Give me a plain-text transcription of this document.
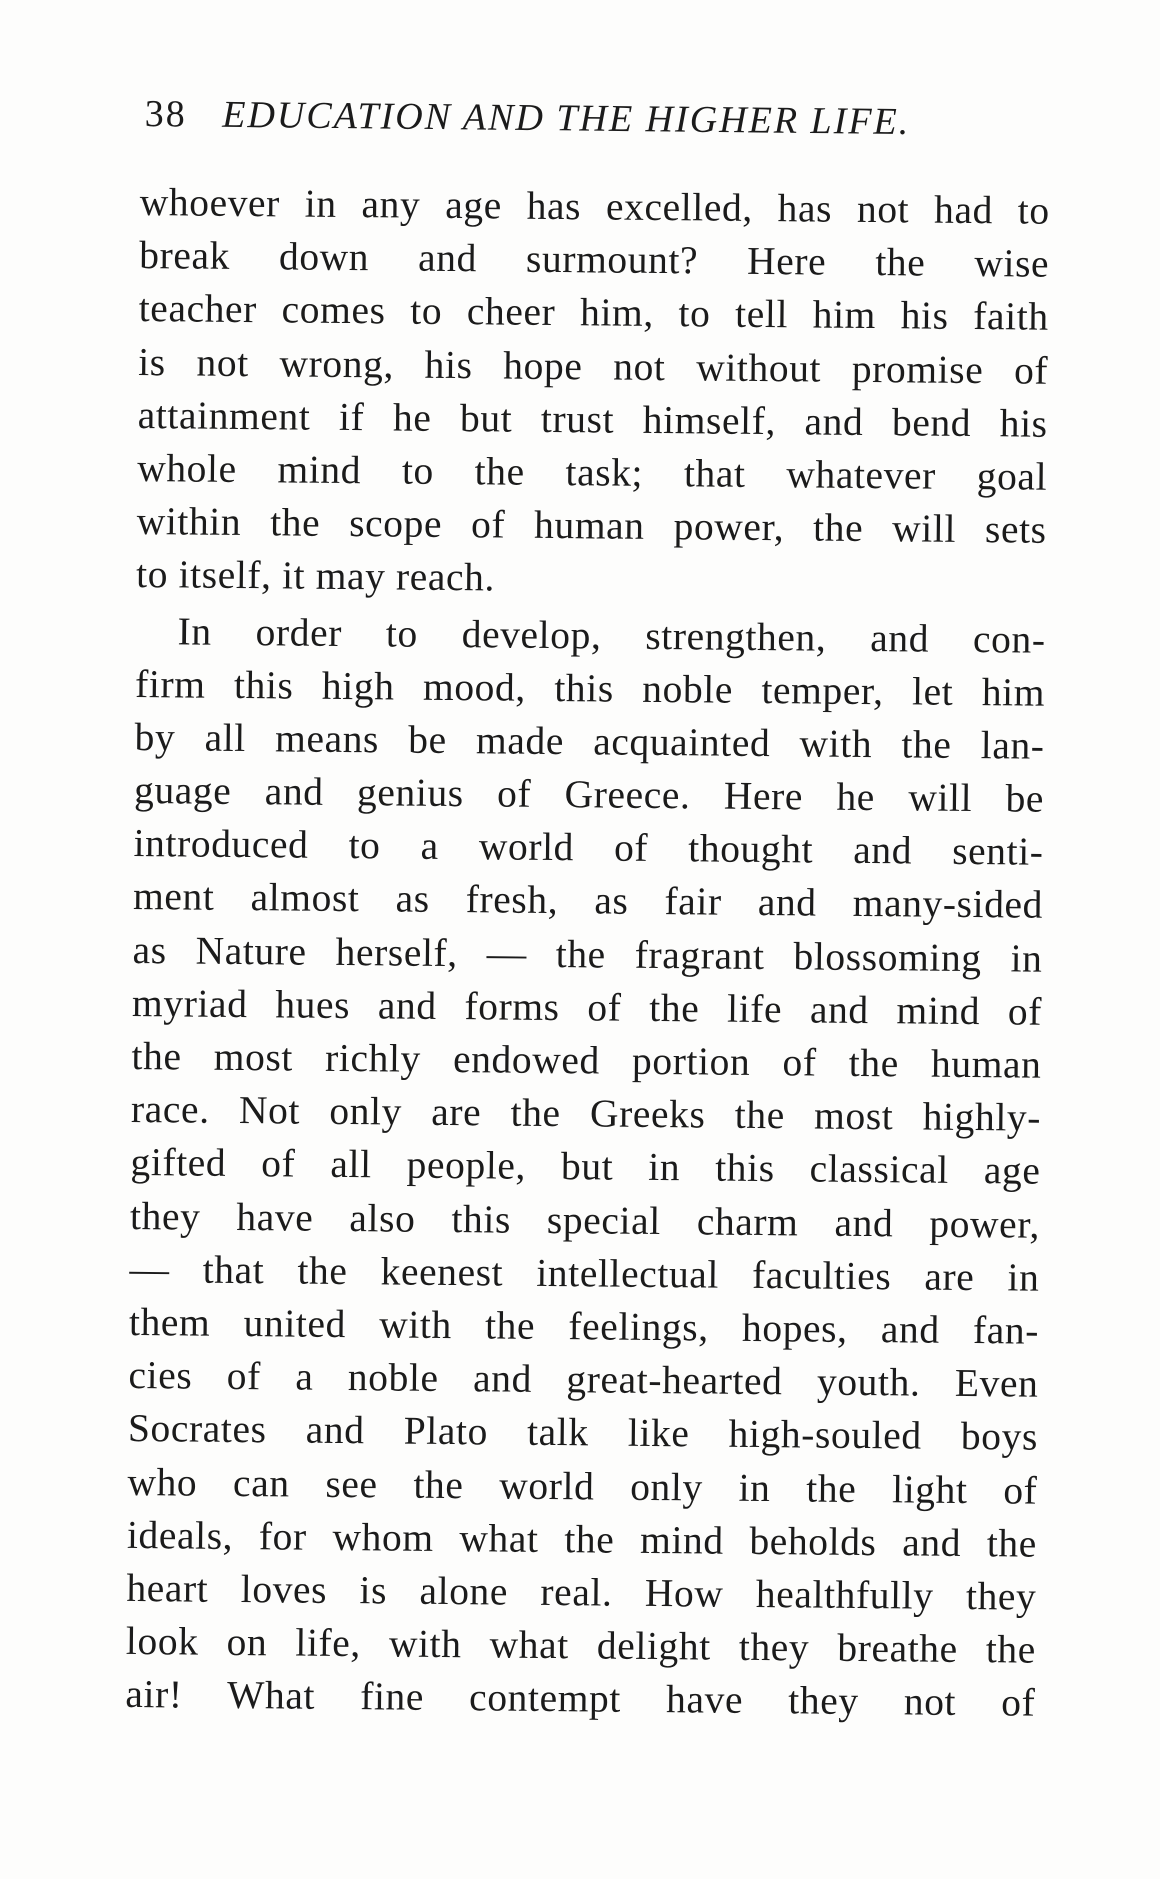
38 EDUCATION AND THE HIGHER LIFE.
whoever in any age has excelled, has not had to
break down and surmount? Here the wise
teacher comes to cheer him, to tell him his faith
is not wrong, his hope not without promise of
attainment if he but trust himself, and bend his
whole mind to the task; that whatever goal
within the scope of human power, the will sets
to itself, it may reach.
In order to develop, strengthen, and con-
firm this high mood, this noble temper, let him
by all means be made acquainted with the lan-
guage and genius of Greece. Here he will be
introduced to a world of thought and senti-
ment almost as fresh, as fair and many-sided
as Nature herself, — the fragrant blossoming in
myriad hues and forms of the life and mind of
the most richly endowed portion of the human
race. Not only are the Greeks the most highly-
gifted of all people, but in this classical age
they have also this special charm and power,
— that the keenest intellectual faculties are in
them united with the feelings, hopes, and fan-
cies of a noble and great-hearted youth. Even
Socrates and Plato talk like high-souled boys
who can see the world only in the light of
ideals, for whom what the mind beholds and the
heart loves is alone real. How healthfully they
look on life, with what delight they breathe the
air! What fine contempt have they not of
